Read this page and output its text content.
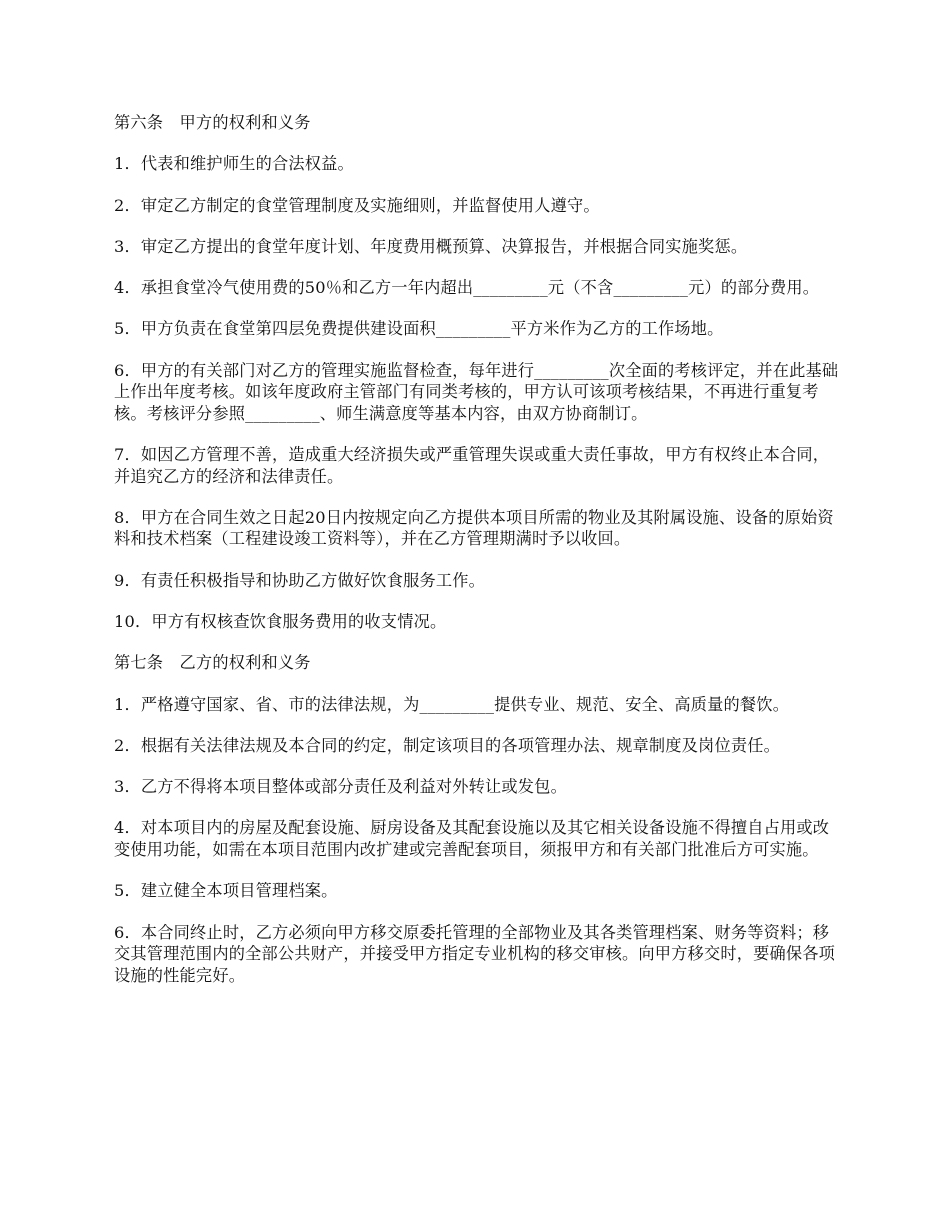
第六条　甲方的权利和义务

1．代表和维护师生的合法权益。

2．审定乙方制定的食堂管理制度及实施细则，并监督使用人遵守。

3．审定乙方提出的食堂年度计划、年度费用概预算、决算报告，并根据合同实施奖惩。

4．承担食堂冷气使用费的50％和乙方一年内超出_________元（不含_________元）的部分费用。

5．甲方负责在食堂第四层免费提供建设面积_________平方米作为乙方的工作场地。

6．甲方的有关部门对乙方的管理实施监督检查，每年进行_________次全面的考核评定，并在此基础上作出年度考核。如该年度政府主管部门有同类考核的，甲方认可该项考核结果，不再进行重复考核。考核评分参照_________、师生满意度等基本内容，由双方协商制订。

7．如因乙方管理不善，造成重大经济损失或严重管理失误或重大责任事故，甲方有权终止本合同，并追究乙方的经济和法律责任。

8．甲方在合同生效之日起20日内按规定向乙方提供本项目所需的物业及其附属设施、设备的原始资料和技术档案（工程建设竣工资料等），并在乙方管理期满时予以收回。

9．有责任积极指导和协助乙方做好饮食服务工作。

10．甲方有权核查饮食服务费用的收支情况。

第七条　乙方的权利和义务

1．严格遵守国家、省、市的法律法规，为_________提供专业、规范、安全、高质量的餐饮。

2．根据有关法律法规及本合同的约定，制定该项目的各项管理办法、规章制度及岗位责任。

3．乙方不得将本项目整体或部分责任及利益对外转让或发包。

4．对本项目内的房屋及配套设施、厨房设备及其配套设施以及其它相关设备设施不得擅自占用或改变使用功能，如需在本项目范围内改扩建或完善配套项目，须报甲方和有关部门批准后方可实施。

5．建立健全本项目管理档案。

6．本合同终止时，乙方必须向甲方移交原委托管理的全部物业及其各类管理档案、财务等资料；移交其管理范围内的全部公共财产，并接受甲方指定专业机构的移交审核。向甲方移交时，要确保各项设施的性能完好。
